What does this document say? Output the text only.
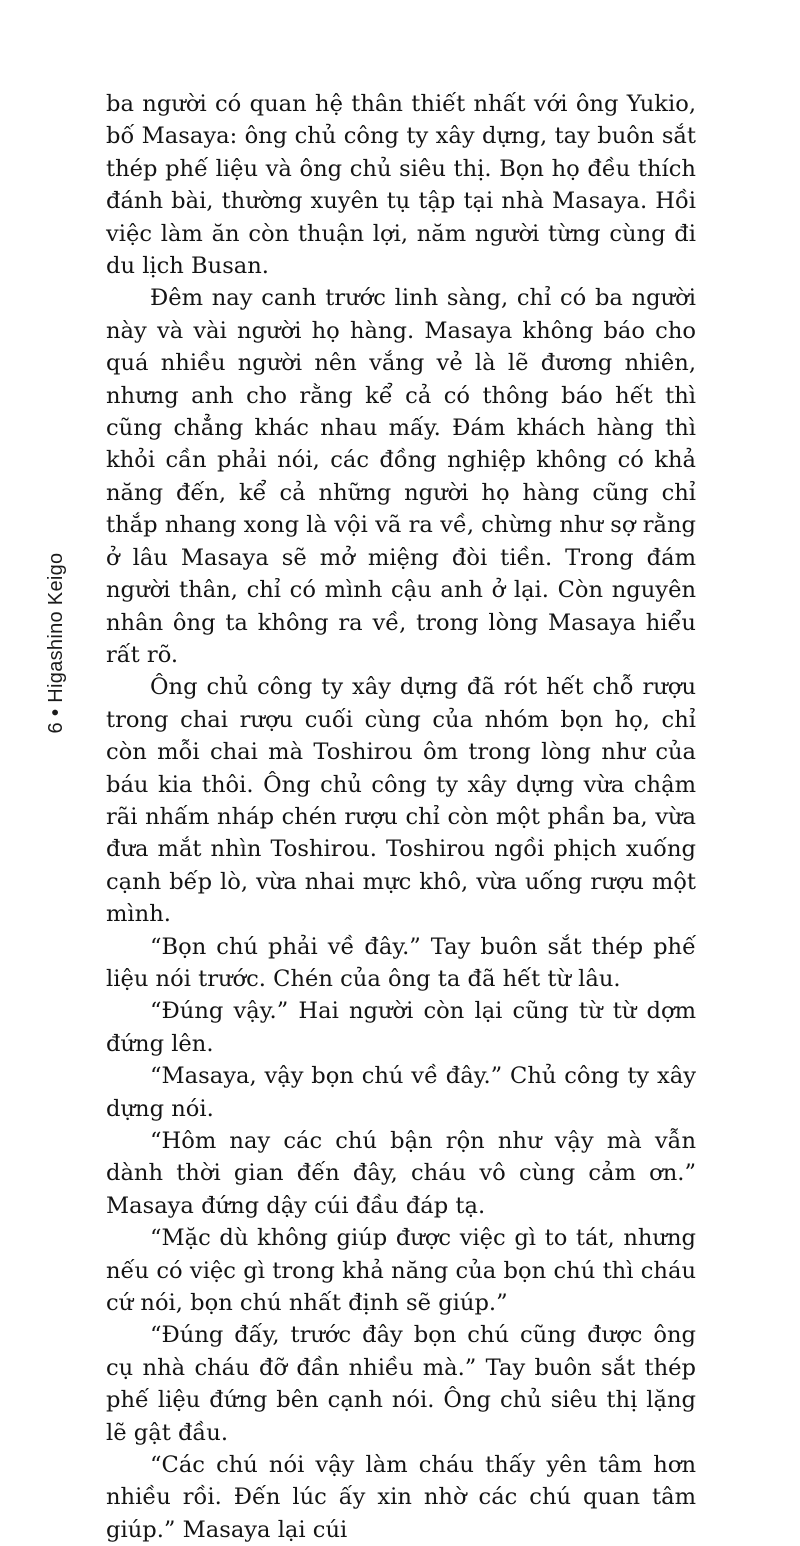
6
•
Higashino Keigo

ba người có quan hệ thân thiết nhất với ông Yukio, bố Masaya: ông chủ công ty xây dựng, tay buôn sắt thép phế liệu và ông chủ siêu thị. Bọn họ đều thích đánh bài, thường xuyên tụ tập tại nhà Masaya. Hồi việc làm ăn còn thuận lợi, năm người từng cùng đi du lịch Busan.

Đêm nay canh trước linh sàng, chỉ có ba người này và vài người họ hàng. Masaya không báo cho quá nhiều người nên vắng vẻ là lẽ đương nhiên, nhưng anh cho rằng kể cả có thông báo hết thì cũng chẳng khác nhau mấy. Đám khách hàng thì khỏi cần phải nói, các đồng nghiệp không có khả năng đến, kể cả những người họ hàng cũng chỉ thắp nhang xong là vội vã ra về, chừng như sợ rằng ở lâu Masaya sẽ mở miệng đòi tiền. Trong đám người thân, chỉ có mình cậu anh ở lại. Còn nguyên nhân ông ta không ra về, trong lòng Masaya hiểu rất rõ.

Ông chủ công ty xây dựng đã rót hết chỗ rượu trong chai rượu cuối cùng của nhóm bọn họ, chỉ còn mỗi chai mà Toshirou ôm trong lòng như của báu kia thôi. Ông chủ công ty xây dựng vừa chậm rãi nhấm nháp chén rượu chỉ còn một phần ba, vừa đưa mắt nhìn Toshirou. Toshirou ngồi phịch xuống cạnh bếp lò, vừa nhai mực khô, vừa uống rượu một mình.

“Bọn chú phải về đây.” Tay buôn sắt thép phế liệu nói trước. Chén của ông ta đã hết từ lâu.

“Đúng vậy.” Hai người còn lại cũng từ từ dợm đứng lên.

“Masaya, vậy bọn chú về đây.” Chủ công ty xây dựng nói.

“Hôm nay các chú bận rộn như vậy mà vẫn dành thời gian đến đây, cháu vô cùng cảm ơn.” Masaya đứng dậy cúi đầu đáp tạ.

“Mặc dù không giúp được việc gì to tát, nhưng nếu có việc gì trong khả năng của bọn chú thì cháu cứ nói, bọn chú nhất định sẽ giúp.”

“Đúng đấy, trước đây bọn chú cũng được ông cụ nhà cháu đỡ đần nhiều mà.” Tay buôn sắt thép phế liệu đứng bên cạnh nói. Ông chủ siêu thị lặng lẽ gật đầu.

“Các chú nói vậy làm cháu thấy yên tâm hơn nhiều rồi. Đến lúc ấy xin nhờ các chú quan tâm giúp.” Masaya lại cúi
